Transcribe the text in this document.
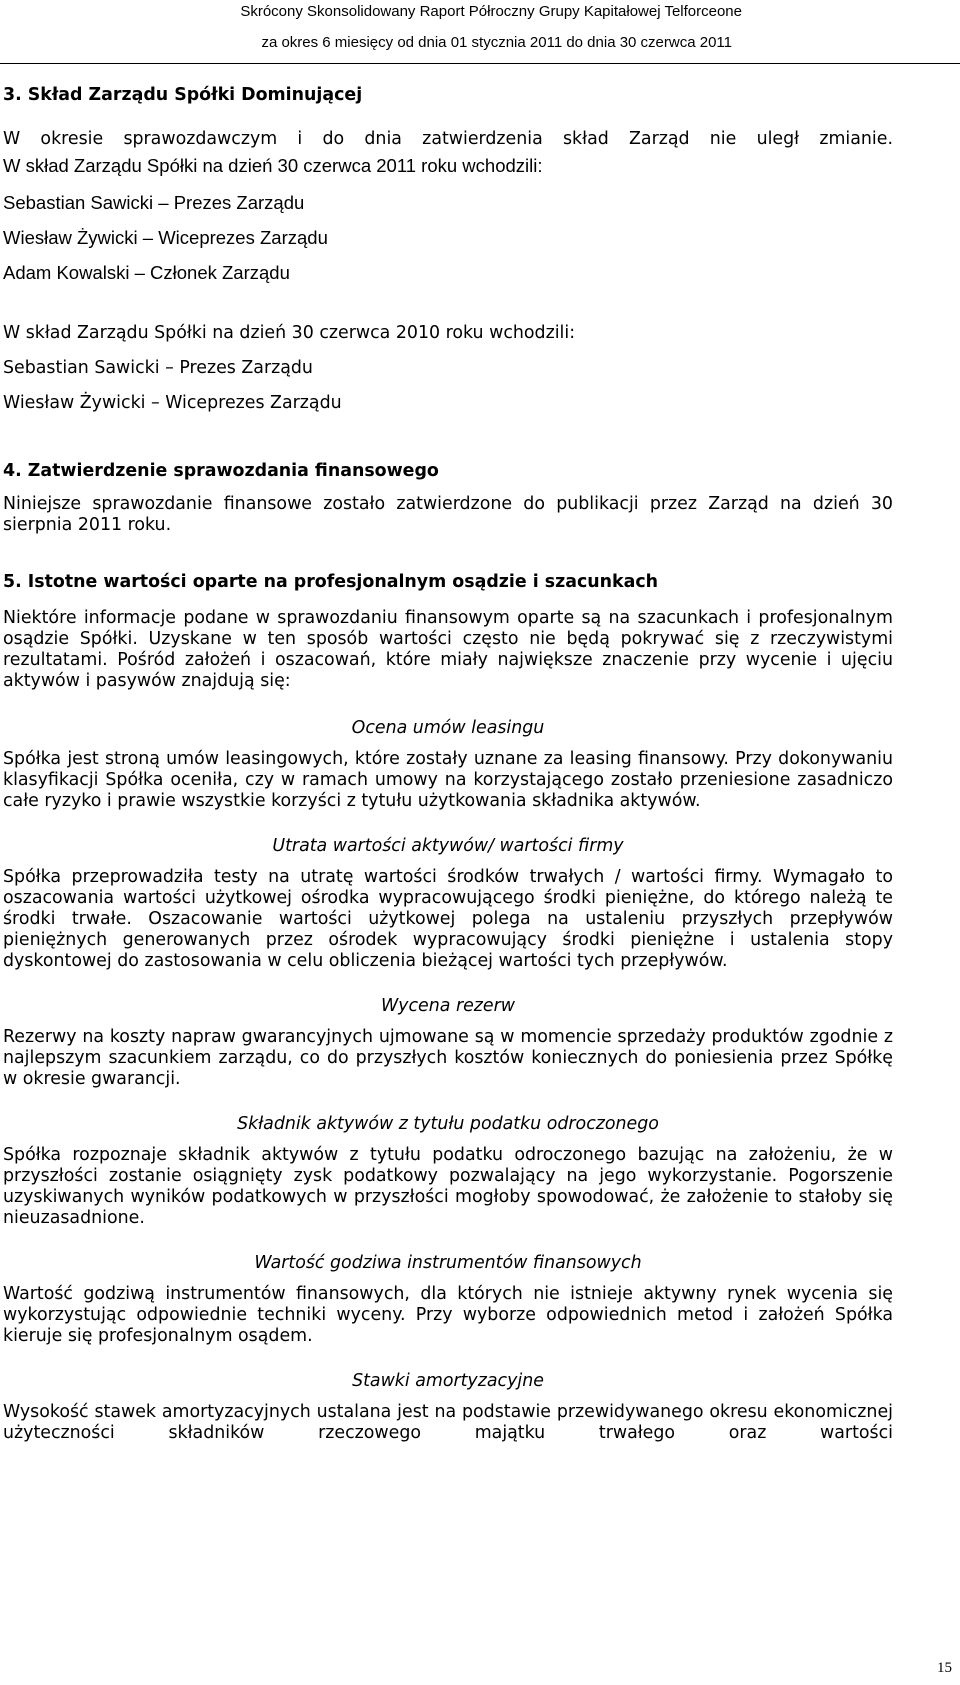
Skrócony Skonsolidowany Raport Półroczny Grupy Kapitałowej Telforceone
za okres 6 miesięcy od dnia 01 stycznia 2011 do dnia 30 czerwca 2011
3. Skład Zarządu Spółki Dominującej

W okresie sprawozdawczym i do dnia zatwierdzenia skład Zarząd nie uległ zmianie.

W skład Zarządu Spółki na dzień 30 czerwca 2011 roku wchodzili:

Sebastian Sawicki – Prezes Zarządu
Wiesław Żywicki – Wiceprezes Zarządu
Adam Kowalski – Członek Zarządu

W skład Zarządu Spółki na dzień 30 czerwca 2010 roku wchodzili:

Sebastian Sawicki – Prezes Zarządu
Wiesław Żywicki – Wiceprezes Zarządu
4. Zatwierdzenie sprawozdania finansowego

Niniejsze sprawozdanie finansowe zostało zatwierdzone do publikacji przez Zarząd na dzień 30 sierpnia 2011 roku.

5. Istotne wartości oparte na profesjonalnym osądzie i szacunkach

Niektóre informacje podane w sprawozdaniu finansowym oparte są na szacunkach i profesjonalnym osądzie Spółki. Uzyskane w ten sposób wartości często nie będą pokrywać się z rzeczywistymi rezultatami. Pośród założeń i oszacowań, które miały największe znaczenie przy wycenie i ujęciu aktywów i pasywów znajdują się:

Ocena umów leasingu

Spółka jest stroną umów leasingowych, które zostały uznane za leasing finansowy. Przy dokonywaniu klasyfikacji Spółka oceniła, czy w ramach umowy na korzystającego zostało przeniesione zasadniczo całe ryzyko i prawie wszystkie korzyści z tytułu użytkowania składnika aktywów.

Utrata wartości aktywów/ wartości firmy

Spółka przeprowadziła testy na utratę wartości środków trwałych / wartości firmy. Wymagało to oszacowania wartości użytkowej ośrodka wypracowującego środki pieniężne, do którego należą te środki trwałe. Oszacowanie wartości użytkowej polega na ustaleniu przyszłych przepływów pieniężnych generowanych przez ośrodek wypracowujący środki pieniężne i ustalenia stopy dyskontowej do zastosowania w celu obliczenia bieżącej wartości tych przepływów.

Wycena rezerw

Rezerwy na koszty napraw gwarancyjnych ujmowane są w momencie sprzedaży produktów zgodnie z najlepszym szacunkiem zarządu, co do przyszłych kosztów koniecznych do poniesienia przez Spółkę w okresie gwarancji.

Składnik aktywów z tytułu podatku odroczonego

Spółka rozpoznaje składnik aktywów z tytułu podatku odroczonego bazując na założeniu, że w przyszłości zostanie osiągnięty zysk podatkowy pozwalający na jego wykorzystanie. Pogorszenie uzyskiwanych wyników podatkowych w przyszłości mogłoby spowodować, że założenie to stałoby się nieuzasadnione.

Wartość godziwa instrumentów finansowych

Wartość godziwą instrumentów finansowych, dla których nie istnieje aktywny rynek wycenia się wykorzystując odpowiednie techniki wyceny. Przy wyborze odpowiednich metod i założeń Spółka kieruje się profesjonalnym osądem.

Stawki amortyzacyjne

Wysokość stawek amortyzacyjnych ustalana jest na podstawie przewidywanego okresu ekonomicznej użyteczności składników rzeczowego majątku trwałego oraz wartości

15
